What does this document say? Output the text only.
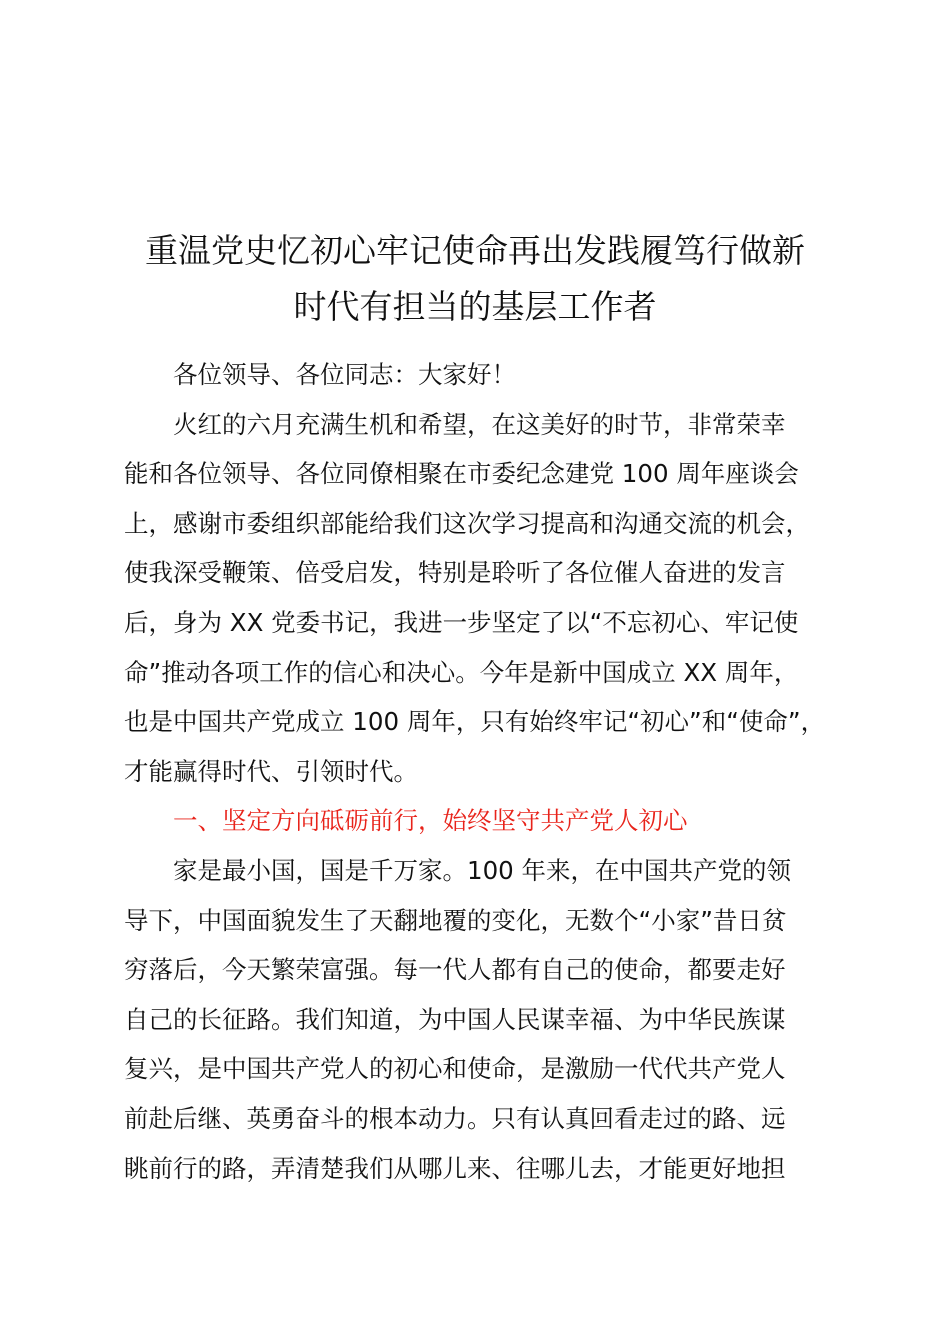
重温党史忆初心牢记使命再出发践履笃行做新
时代有担当的基层工作者

各位领导、各位同志：大家好！

火红的六月充满生机和希望，在这美好的时节，非常荣幸
能和各位领导、各位同僚相聚在市委纪念建党 100 周年座谈会
上，感谢市委组织部能给我们这次学习提高和沟通交流的机会，
使我深受鞭策、倍受启发，特别是聆听了各位催人奋进的发言
后，身为 XX 党委书记，我进一步坚定了以“不忘初心、牢记使
命”推动各项工作的信心和决心。今年是新中国成立 XX 周年，
也是中国共产党成立 100 周年，只有始终牢记“初心”和“使命”，
才能赢得时代、引领时代。

一、坚定方向砥砺前行，始终坚守共产党人初心

家是最小国，国是千万家。100 年来，在中国共产党的领
导下，中国面貌发生了天翻地覆的变化，无数个“小家”昔日贫
穷落后，今天繁荣富强。每一代人都有自己的使命，都要走好
自己的长征路。我们知道，为中国人民谋幸福、为中华民族谋
复兴，是中国共产党人的初心和使命，是激励一代代共产党人
前赴后继、英勇奋斗的根本动力。只有认真回看走过的路、远
眺前行的路，弄清楚我们从哪儿来、往哪儿去，才能更好地担
